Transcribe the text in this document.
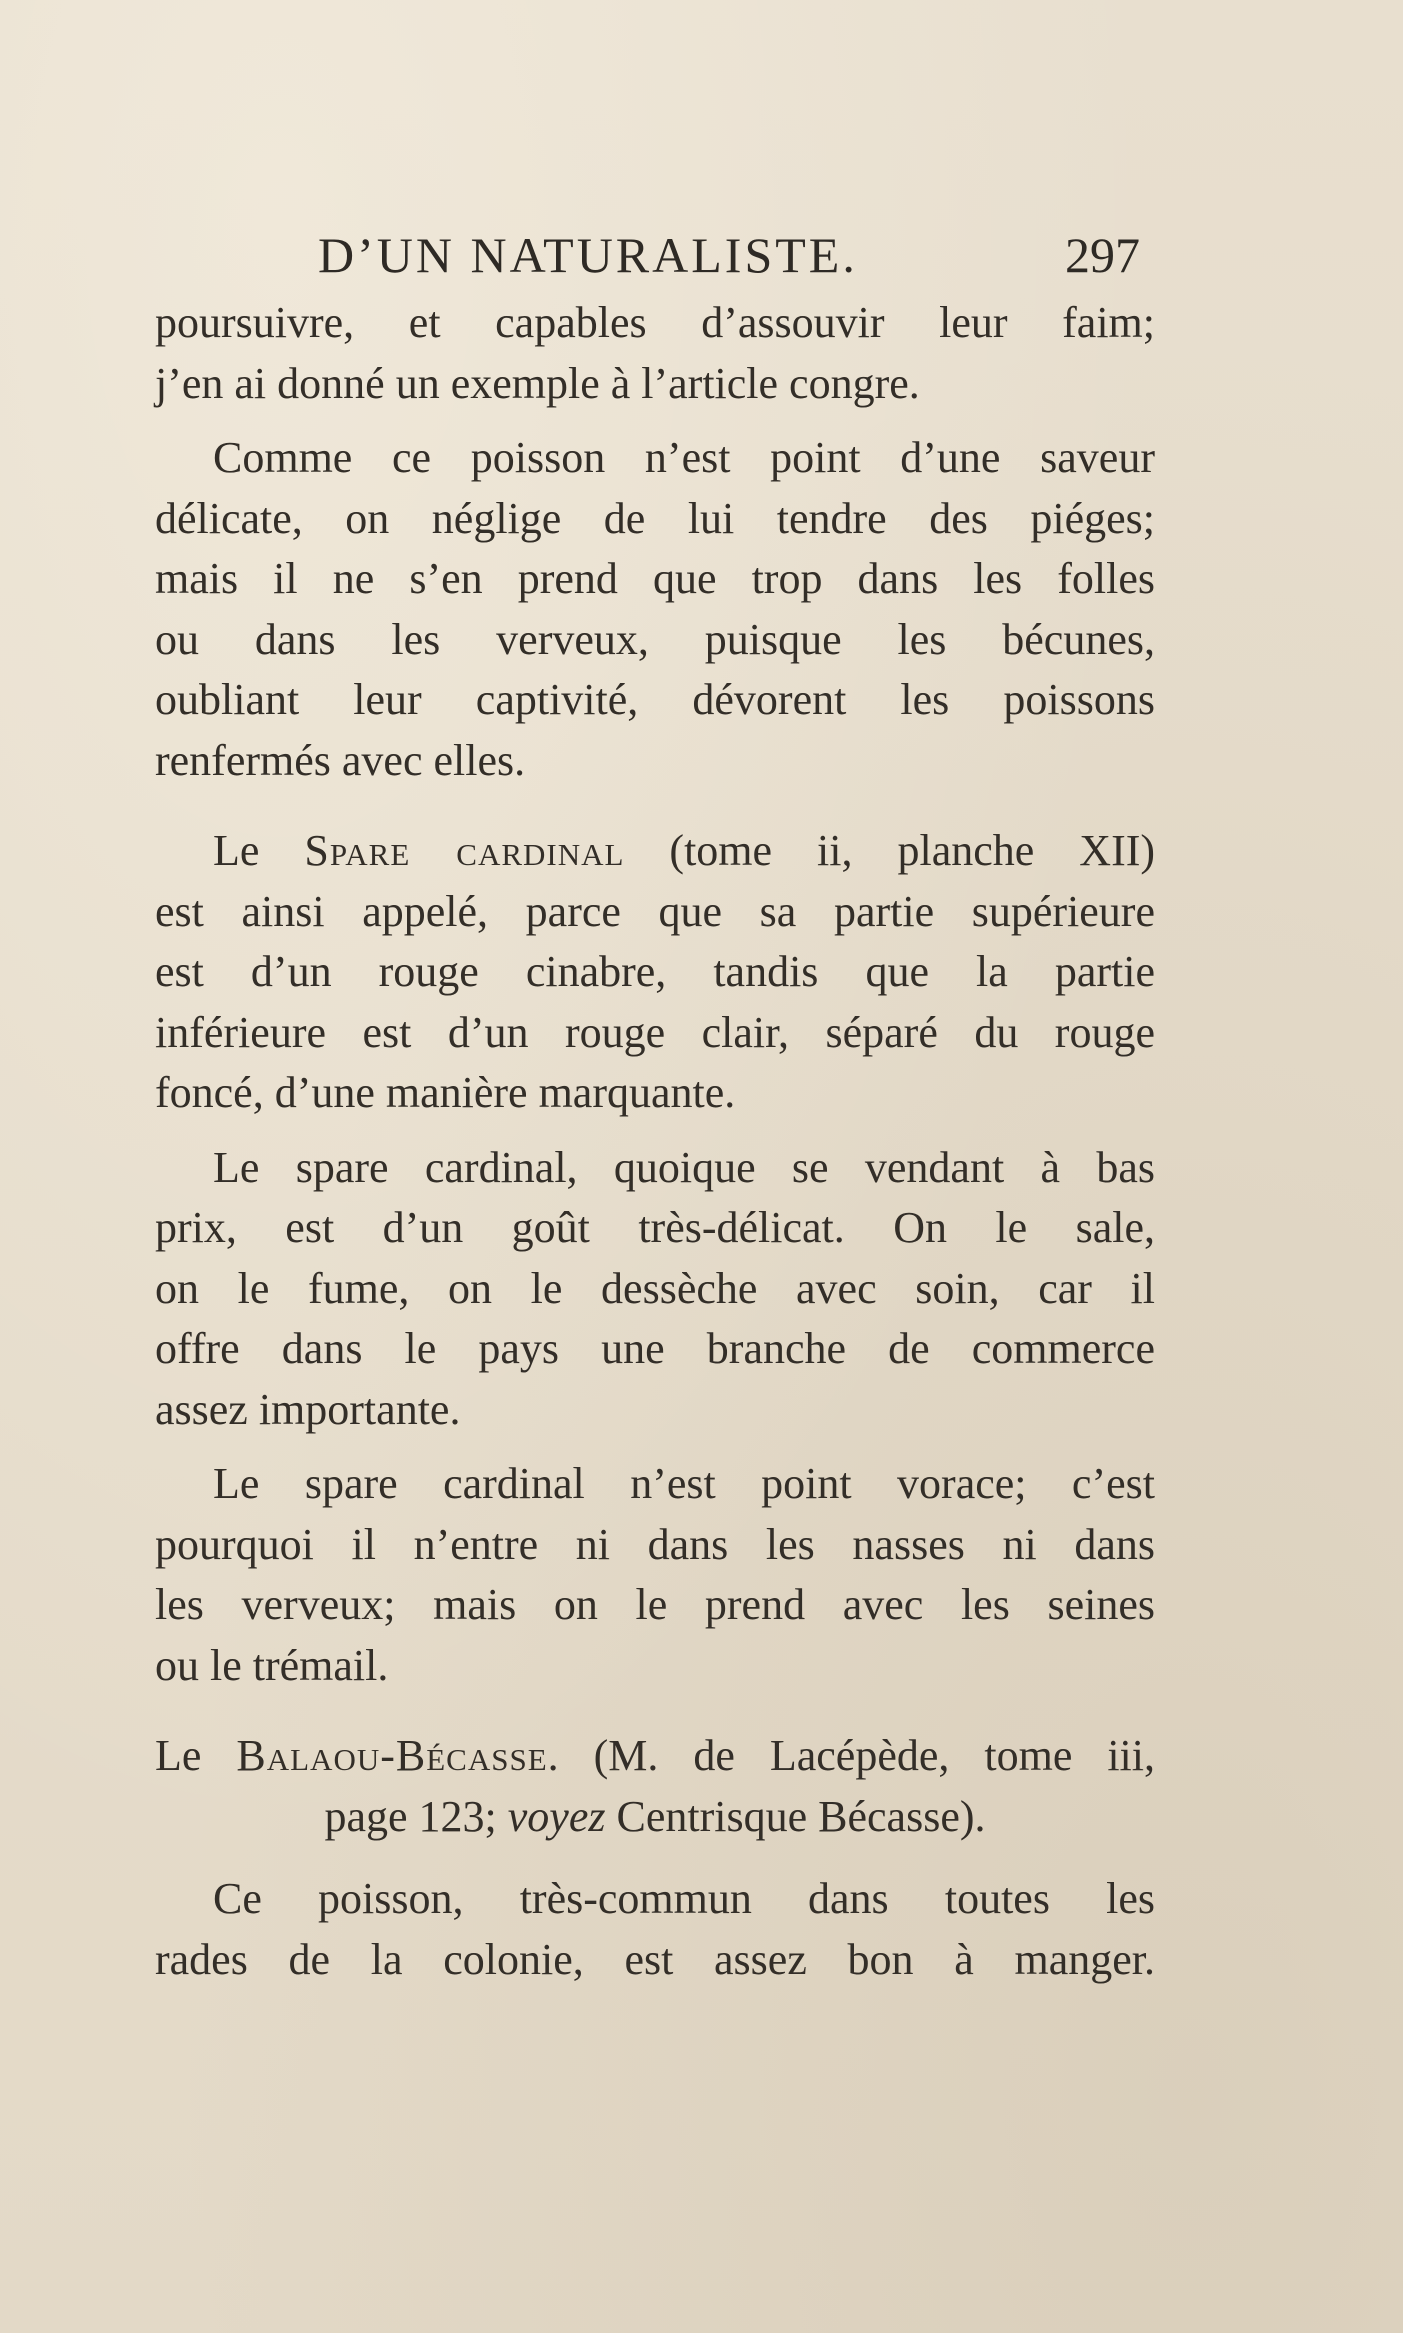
D’UN NATURALISTE.	297
poursuivre, et capables d’assouvir leur faim;
j’en ai donné un exemple à l’article congre.
Comme ce poisson n’est point d’une saveur
délicate, on néglige de lui tendre des piéges;
mais il ne s’en prend que trop dans les folles
ou dans les verveux, puisque les bécunes,
oubliant leur captivité, dévorent les poissons
renfermés avec elles.
Le Spare cardinal (tome ii, planche XII)
est ainsi appelé, parce que sa partie supérieure
est d’un rouge cinabre, tandis que la partie
inférieure est d’un rouge clair, séparé du rouge
foncé, d’une manière marquante.
Le spare cardinal, quoique se vendant à bas
prix, est d’un goût très-délicat. On le sale,
on le fume, on le dessèche avec soin, car il
offre dans le pays une branche de commerce
assez importante.
Le spare cardinal n’est point vorace; c’est
pourquoi il n’entre ni dans les nasses ni dans
les verveux; mais on le prend avec les seines
ou le trémail.
Le Balaou-Bécasse. (M. de Lacépède, tome iii,
page 123; voyez Centrisque Bécasse).
Ce poisson, très-commun dans toutes les
rades de la colonie, est assez bon à manger.
